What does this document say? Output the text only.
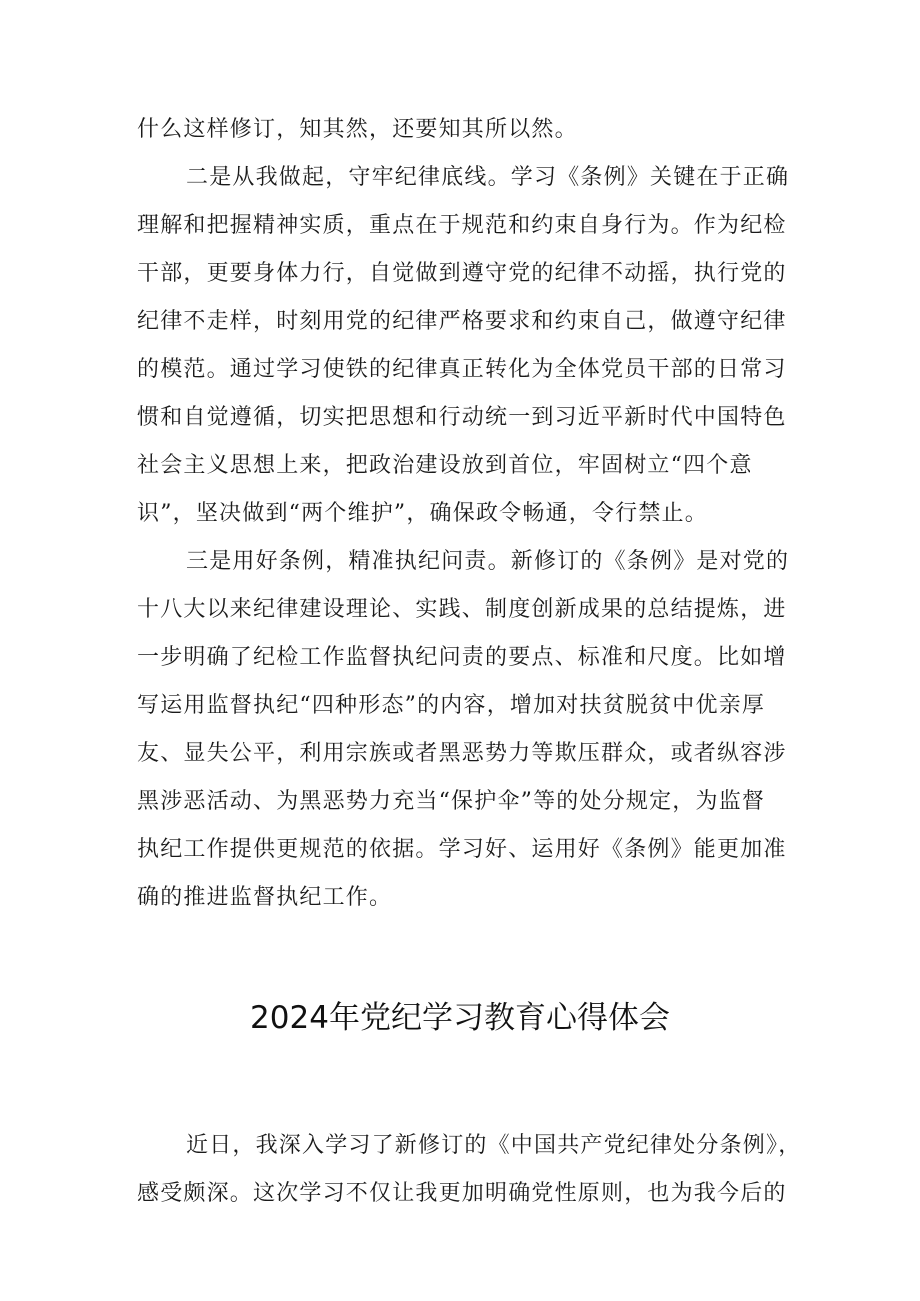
什么这样修订，知其然，还要知其所以然。
二是从我做起，守牢纪律底线。学习《条例》关键在于正确
理解和把握精神实质，重点在于规范和约束自身行为。作为纪检
干部，更要身体力行，自觉做到遵守党的纪律不动摇，执行党的
纪律不走样，时刻用党的纪律严格要求和约束自己，做遵守纪律
的模范。通过学习使铁的纪律真正转化为全体党员干部的日常习
惯和自觉遵循，切实把思想和行动统一到习近平新时代中国特色
社会主义思想上来，把政治建设放到首位，牢固树立“四个意
识”，坚决做到“两个维护”，确保政令畅通，令行禁止。
三是用好条例，精准执纪问责。新修订的《条例》是对党的
十八大以来纪律建设理论、实践、制度创新成果的总结提炼，进
一步明确了纪检工作监督执纪问责的要点、标准和尺度。比如增
写运用监督执纪“四种形态”的内容，增加对扶贫脱贫中优亲厚
友、显失公平，利用宗族或者黑恶势力等欺压群众，或者纵容涉
黑涉恶活动、为黑恶势力充当“保护伞”等的处分规定，为监督
执纪工作提供更规范的依据。学习好、运用好《条例》能更加准
确的推进监督执纪工作。
2024年党纪学习教育心得体会
近日，我深入学习了新修订的《中国共产党纪律处分条例》，
感受颇深。这次学习不仅让我更加明确党性原则，也为我今后的
